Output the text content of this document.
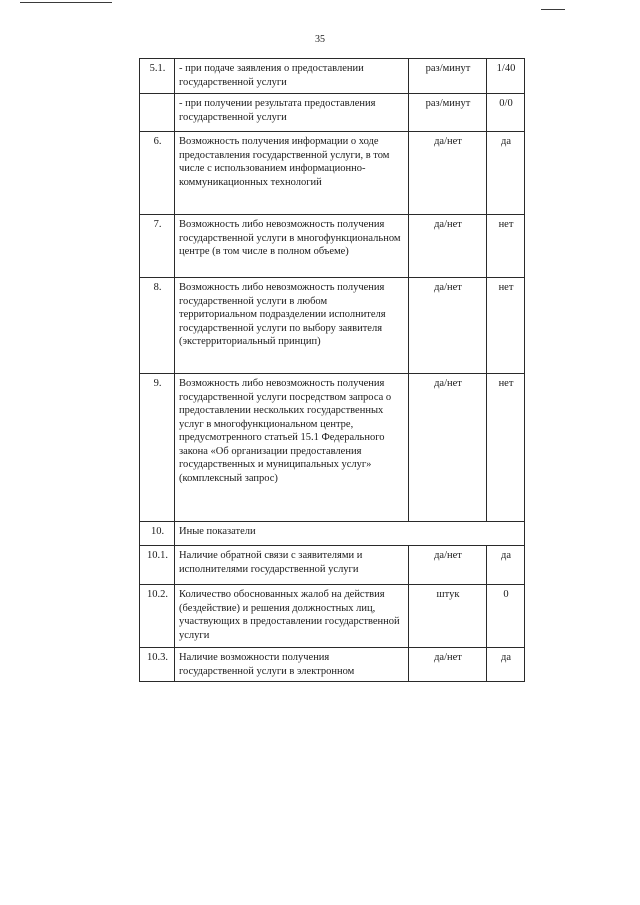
35
5.1.	- при подаче заявления о предоставлении государственной услуги	раз/минут	1/40
	- при получении результата предоставления государственной услуги	раз/минут	0/0
6.	Возможность получения информации о ходе предоставления государственной услуги, в том числе с использованием информационно-коммуникационных технологий	да/нет	да
7.	Возможность либо невозможность получения государственной услуги в многофункциональном центре (в том числе в полном объеме)	да/нет	нет
8.	Возможность либо невозможность получения государственной услуги в любом территориальном подразделении исполнителя государственной услуги по выбору заявителя (экстерриториальный принцип)	да/нет	нет
9.	Возможность либо невозможность получения государственной услуги посредством запроса о предоставлении нескольких государственных услуг в многофункциональном центре, предусмотренного статьей 15.1 Федерального закона «Об организации предоставления государственных и муниципальных услуг» (комплексный запрос)	да/нет	нет
10.	Иные показатели		
10.1.	Наличие обратной связи с заявителями и исполнителями государственной услуги	да/нет	да
10.2.	Количество обоснованных жалоб на действия (бездействие) и решения должностных лиц, участвующих в предоставлении государственной услуги	штук	0
10.3.	Наличие возможности получения государственной услуги в электронном	да/нет	да
